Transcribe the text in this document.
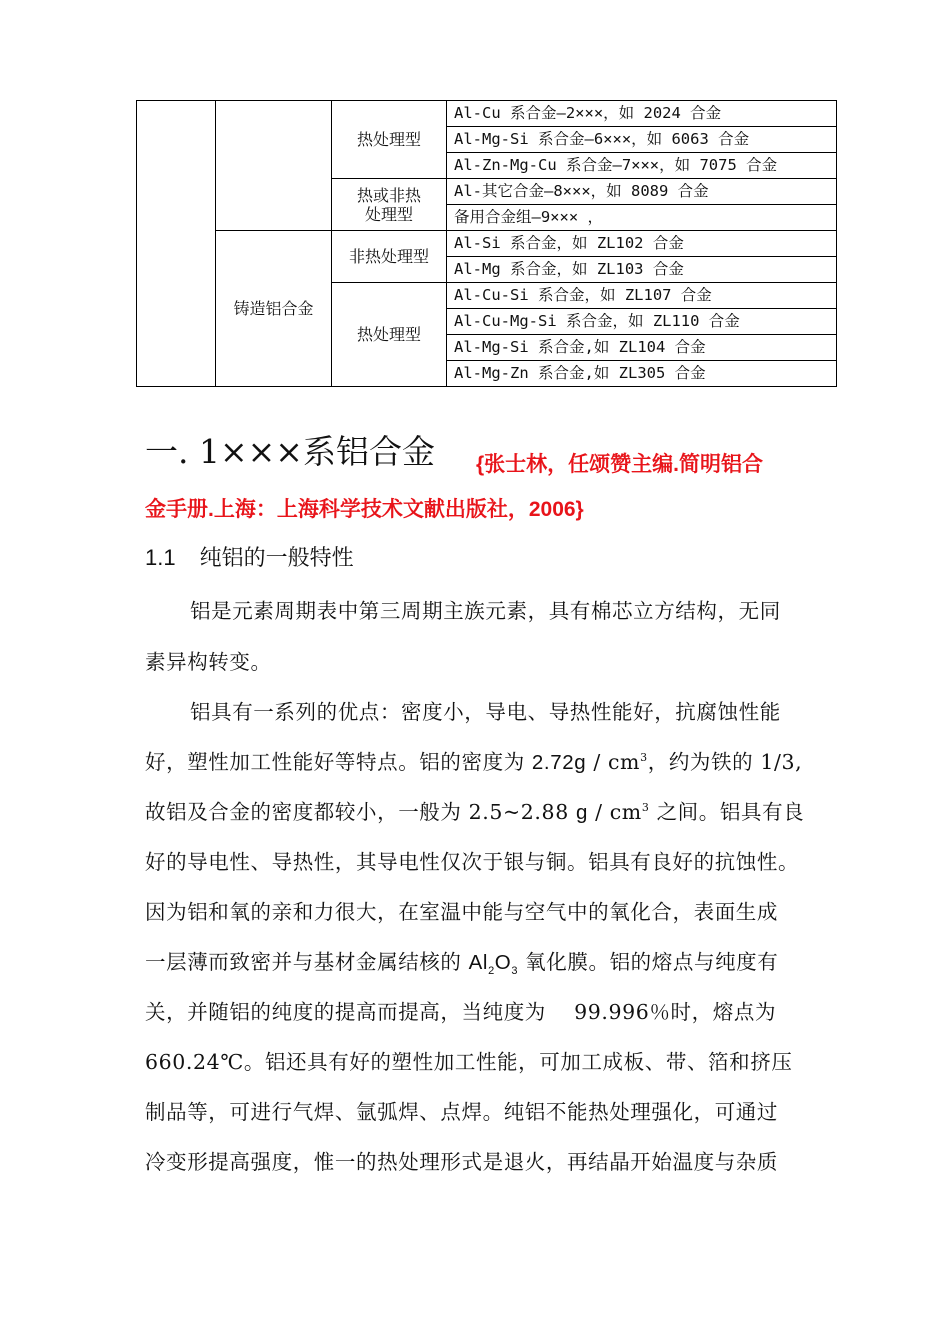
		热处理型	Al-Cu 系合金—2×××，如 2024 合金
			Al-Mg-Si 系合金—6×××，如 6063 合金
			Al-Zn-Mg-Cu 系合金—7×××，如 7075 合金
		热或非热
处理型	Al-其它合金—8×××，如 8089 合金
			备用合金组—9××× ，
	铸造铝合金	非热处理型	Al-Si 系合金，如 ZL102 合金
			Al-Mg 系合金，如 ZL103 合金
		热处理型	Al-Cu-Si 系合金，如 ZL107 合金
			Al-Cu-Mg-Si 系合金，如 ZL110 合金
			Al-Mg-Si 系合金,如 ZL104 合金
			Al-Mg-Zn 系合金,如 ZL305 合金
一. 1×××系铝合金 {张士林，任颂赞主编.简明铝合
金手册.上海：上海科学技术文献出版社，2006}
1.1 纯铝的一般特性
铝是元素周期表中第三周期主族元素，具有棉芯立方结构，无同
素异构转变。
铝具有一系列的优点：密度小，导电、导热性能好，抗腐蚀性能
好，塑性加工性能好等特点。铝的密度为 $2.72g / cm^3$，约为铁的 1/3,
故铝及合金的密度都较小，一般为 2.5~2.88 g / $cm^3$ 之间。铝具有良
好的导电性、导热性，其导电性仅次于银与铜。铝具有良好的抗蚀性。
因为铝和氧的亲和力很大，在室温中能与空气中的氧化合，表面生成
一层薄而致密并与基材金属结核的 $Al_2O_3$ 氧化膜。铝的熔点与纯度有
关，并随铝的纯度的提高而提高，当纯度为　 99.996％时，熔点为
660.24℃。铝还具有好的塑性加工性能，可加工成板、带、箔和挤压
制品等，可进行气焊、氩弧焊、点焊。纯铝不能热处理强化，可通过
冷变形提高强度，惟一的热处理形式是退火，再结晶开始温度与杂质
